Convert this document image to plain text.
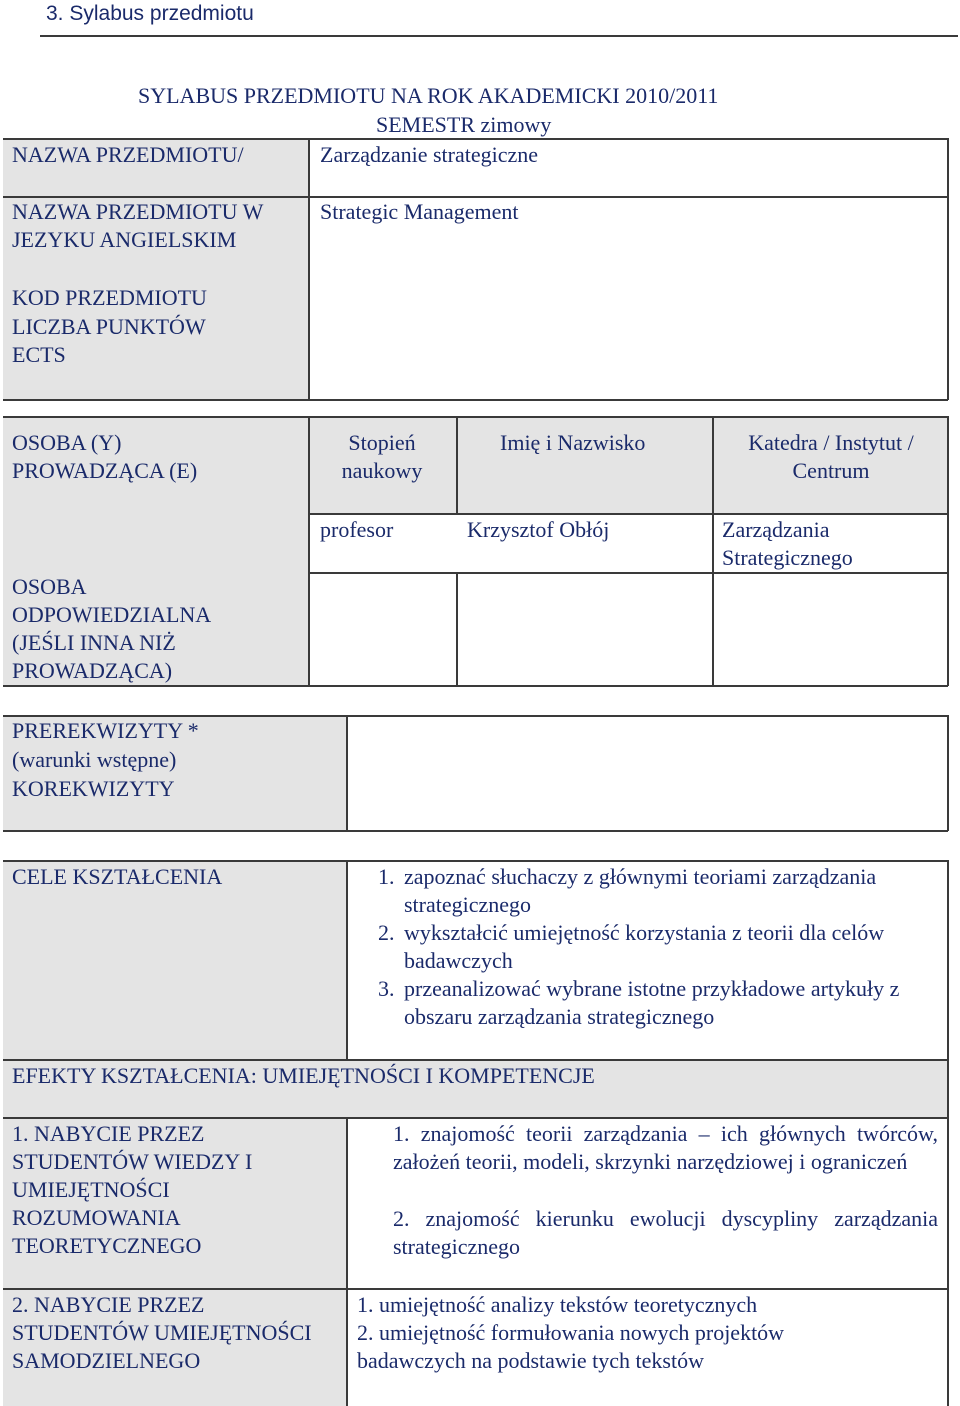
3. Sylabus przedmiotu
SYLABUS PRZEDMIOTU NA ROK AKADEMICKI 2010/2011
SEMESTR zimowy
NAZWA PRZEDMIOTU/	Zarządzanie strategiczne
NAZWA PRZEDMIOTU W JEZYKU ANGIELSKIM
Strategic Management
KOD PRZEDMIOTU
LICZBA PUNKTÓW ECTS
OSOBA (Y) PROWADZĄCA (E)
OSOBA ODPOWIEDZIALNA (JEŚLI INNA NIŻ PROWADZĄCA)
Stopień naukowy
Imię i Nazwisko	Katedra / Instytut / Centrum
profesor	Krzysztof Obłój	Zarządzania Strategicznego
PREREKWIZYTY *
(warunki wstępne)
KOREKWIZYTY
CELE KSZTAŁCENIA
1.	zapoznać słuchaczy z głównymi teoriami zarządzania strategicznego
2. wykształcić umiejętność korzystania z teorii dla celów badawczych
3. przeanalizować wybrane istotne przykładowe artykuły z obszaru zarządzania strategicznego
EFEKTY KSZTAŁCENIA: UMIEJĘTNOŚCI I KOMPETENCJE
1. NABYCIE PRZEZ STUDENTÓW WIEDZY I UMIEJĘTNOŚCI ROZUMOWANIA TEORETYCZNEGO
1. znajomość teorii zarządzania – ich głównych twórców, założeń teorii, modeli, skrzynki narzędziowej i ograniczeń
2. znajomość kierunku ewolucji dyscypliny zarządzania strategicznego
2. NABYCIE PRZEZ STUDENTÓW UMIEJĘTNOŚCI SAMODZIELNEGO
1. umiejętność analizy tekstów teoretycznych
2. umiejętność formułowania nowych projektów badawczych na podstawie tych tekstów
